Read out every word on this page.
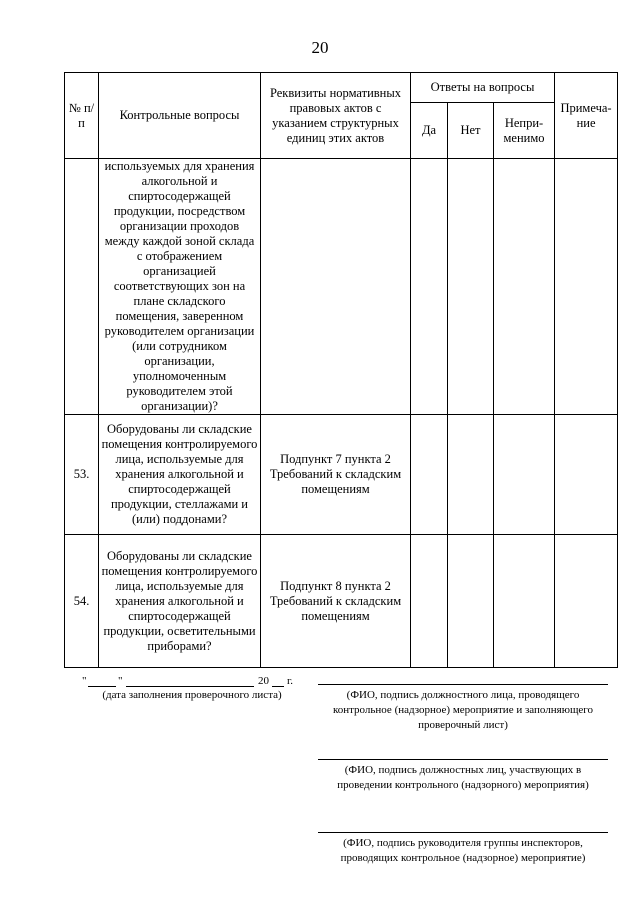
20
№ п/п	Контрольные вопросы	Реквизиты нормативных правовых актов с указанием структурных единиц этих актов	Ответы на вопросы			Примеча- ние
			Да	Нет	Непри- менимо	
	используемых для хранения алкогольной и спиртосодержащей продукции, посредством организации проходов между каждой зоной склада с отображением организацией соответствующих зон на плане складского помещения, заверенном руководителем организации (или сотрудником организации, уполномоченным руководителем этой организации)?					
53.	Оборудованы ли складские помещения контролируемого лица, используемые для хранения алкогольной и спиртосодержащей продукции, стеллажами и (или) поддонами?	Подпункт 7 пункта 2 Требований к складским помещениям				
54.	Оборудованы ли складские помещения контролируемого лица, используемые для хранения алкогольной и спиртосодержащей продукции, осветительными приборами?	Подпункт 8 пункта 2 Требований к складским помещениям				
"	"	20 г.
(дата заполнения проверочного листа)	(ФИО, подпись должностного лица, проводящего контрольное (надзорное) мероприятие и заполняющего проверочный лист)
(ФИО, подпись должностных лиц, участвующих в проведении контрольного (надзорного) мероприятия)
(ФИО, подпись руководителя группы инспекторов, проводящих контрольное (надзорное) мероприятие)
